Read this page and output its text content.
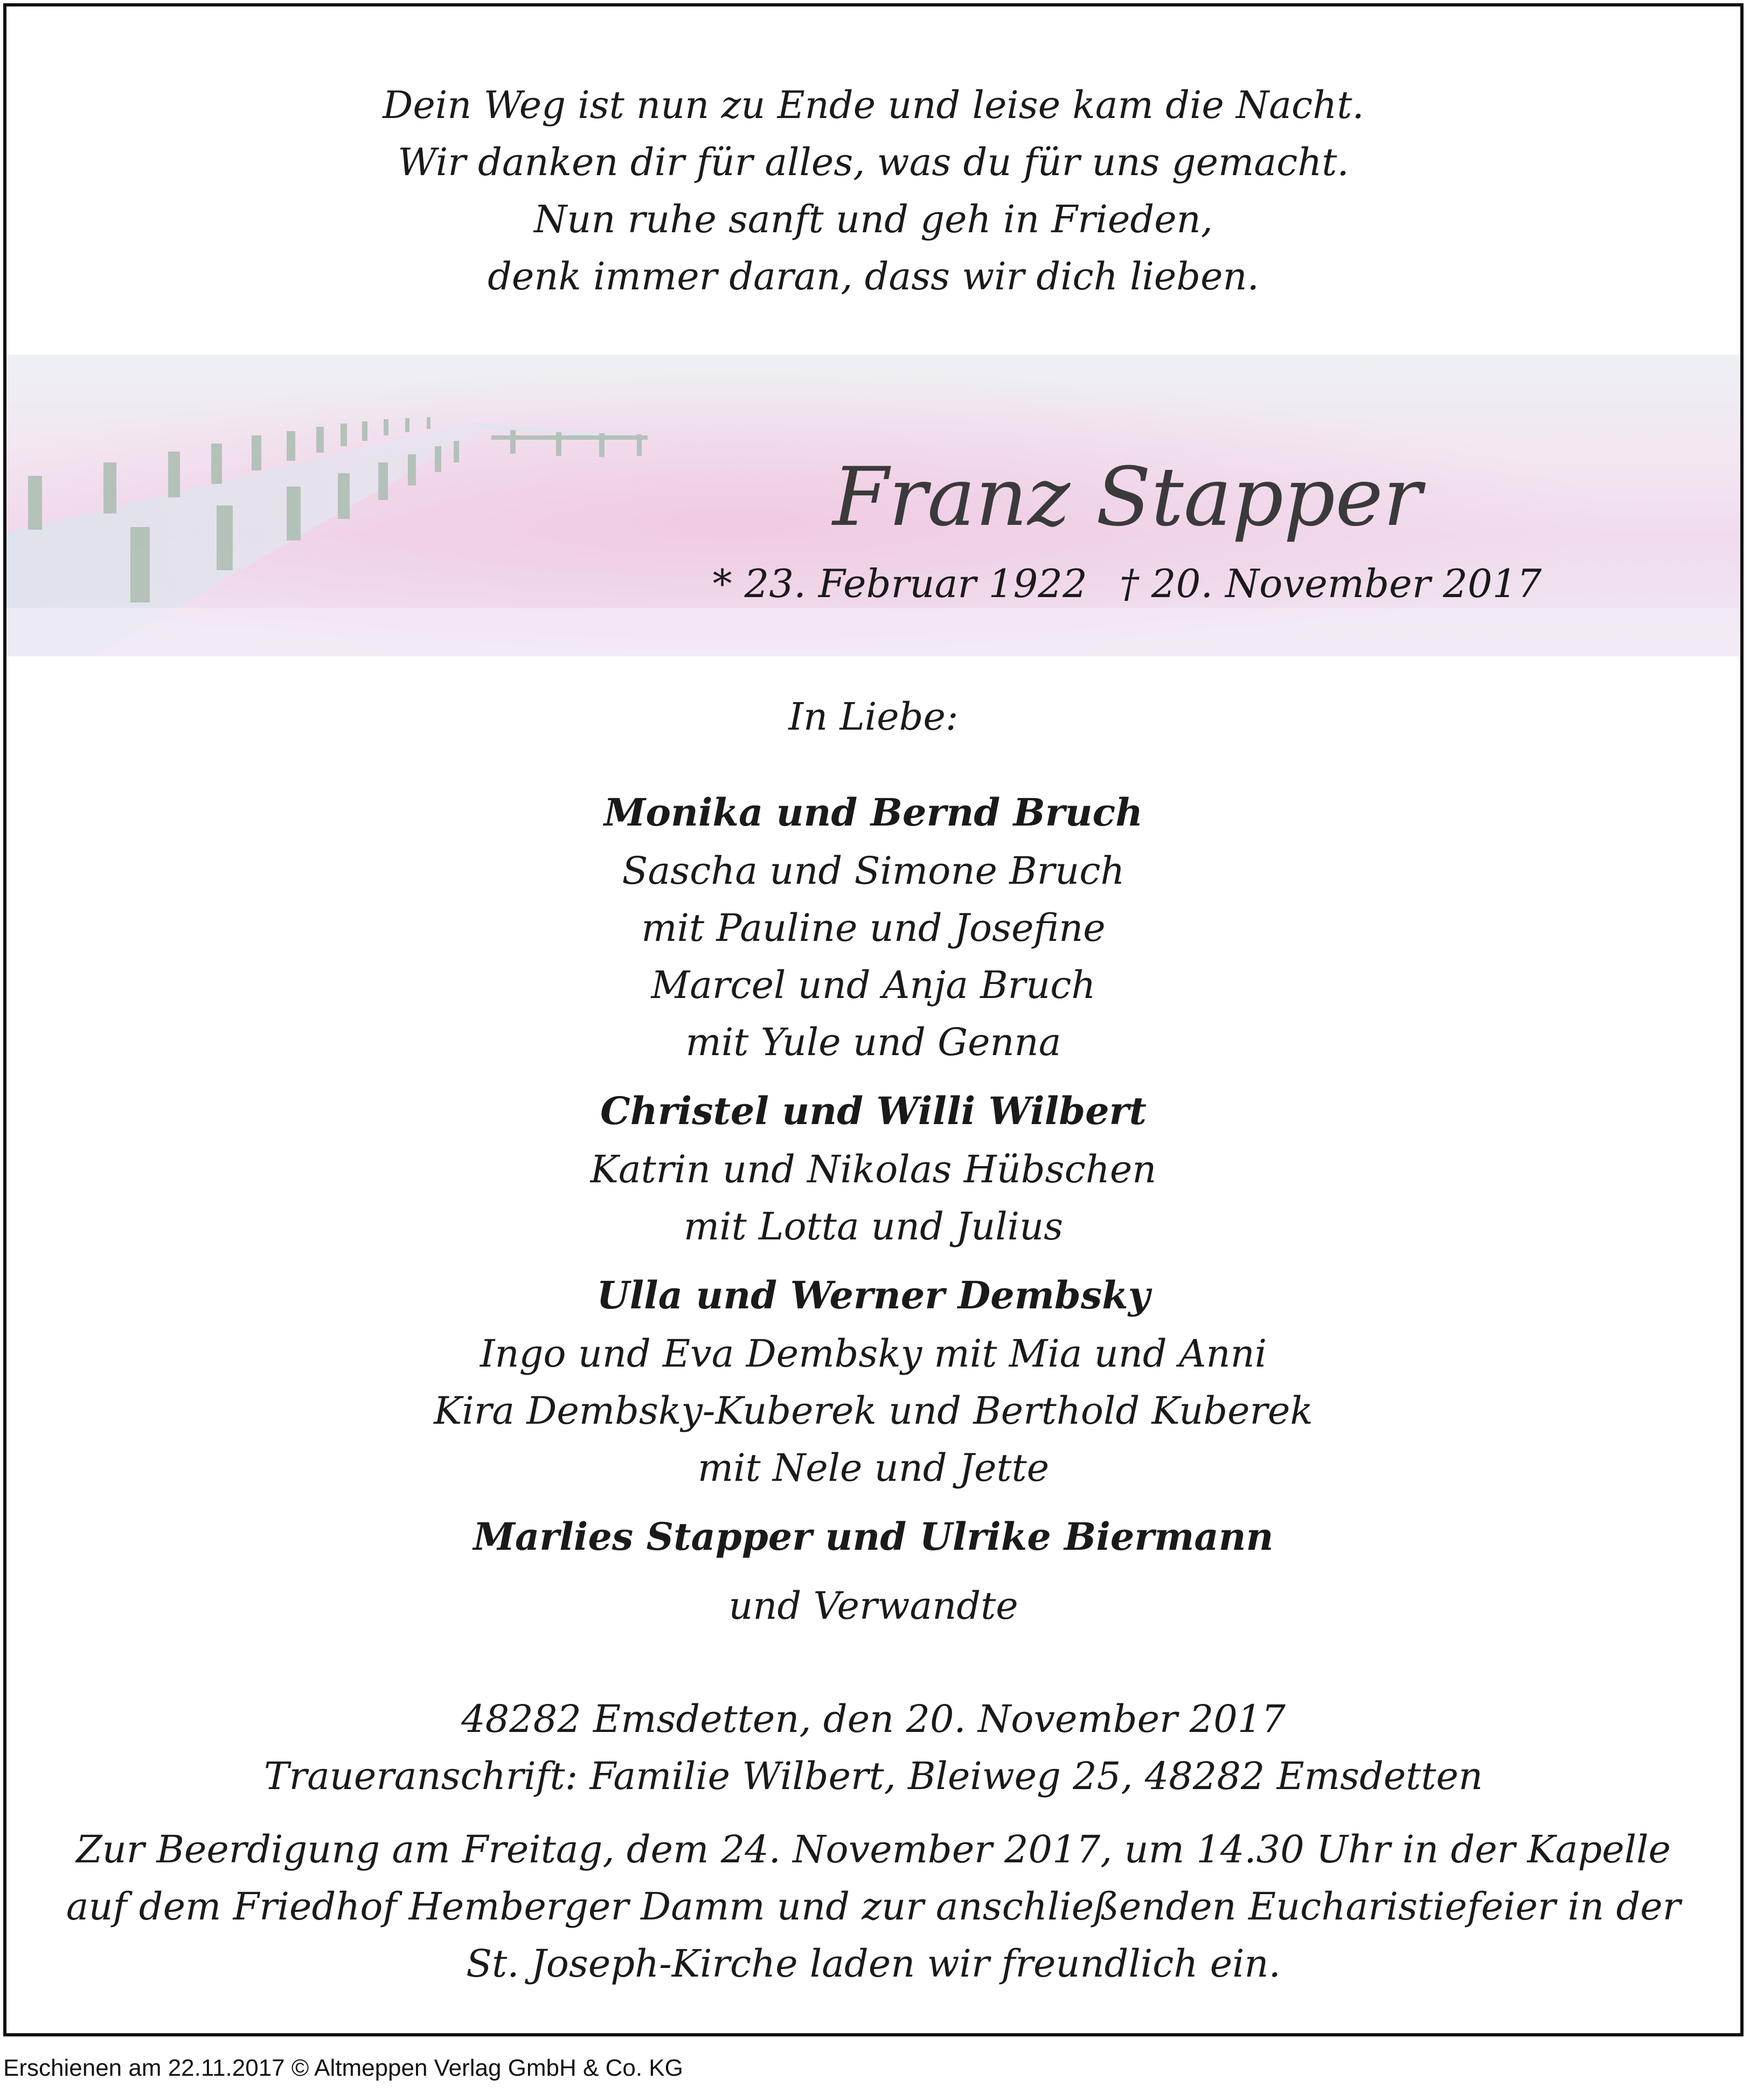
Dein Weg ist nun zu Ende und leise kam die Nacht.
Wir danken dir für alles, was du für uns gemacht.
Nun ruhe sanft und geh in Frieden,
denk immer daran, dass wir dich lieben.
Franz Stapper
* 23. Februar 1922 † 20. November 2017
In Liebe:
Monika und Bernd Bruch
Sascha und Simone Bruch
mit Pauline und Josefine
Marcel und Anja Bruch
mit Yule und Genna
Christel und Willi Wilbert
Katrin und Nikolas Hübschen
mit Lotta und Julius
Ulla und Werner Dembsky
Ingo und Eva Dembsky mit Mia und Anni
Kira Dembsky-Kuberek und Berthold Kuberek
mit Nele und Jette
Marlies Stapper und Ulrike Biermann
und Verwandte
48282 Emsdetten, den 20. November 2017
Traueranschrift: Familie Wilbert, Bleiweg 25, 48282 Emsdetten
Zur Beerdigung am Freitag, dem 24. November 2017, um 14.30 Uhr in der Kapelle
auf dem Friedhof Hemberger Damm und zur anschließenden Eucharistiefeier in der
St. Joseph-Kirche laden wir freundlich ein.
Erschienen am 22.11.2017 © Altmeppen Verlag GmbH & Co. KG
